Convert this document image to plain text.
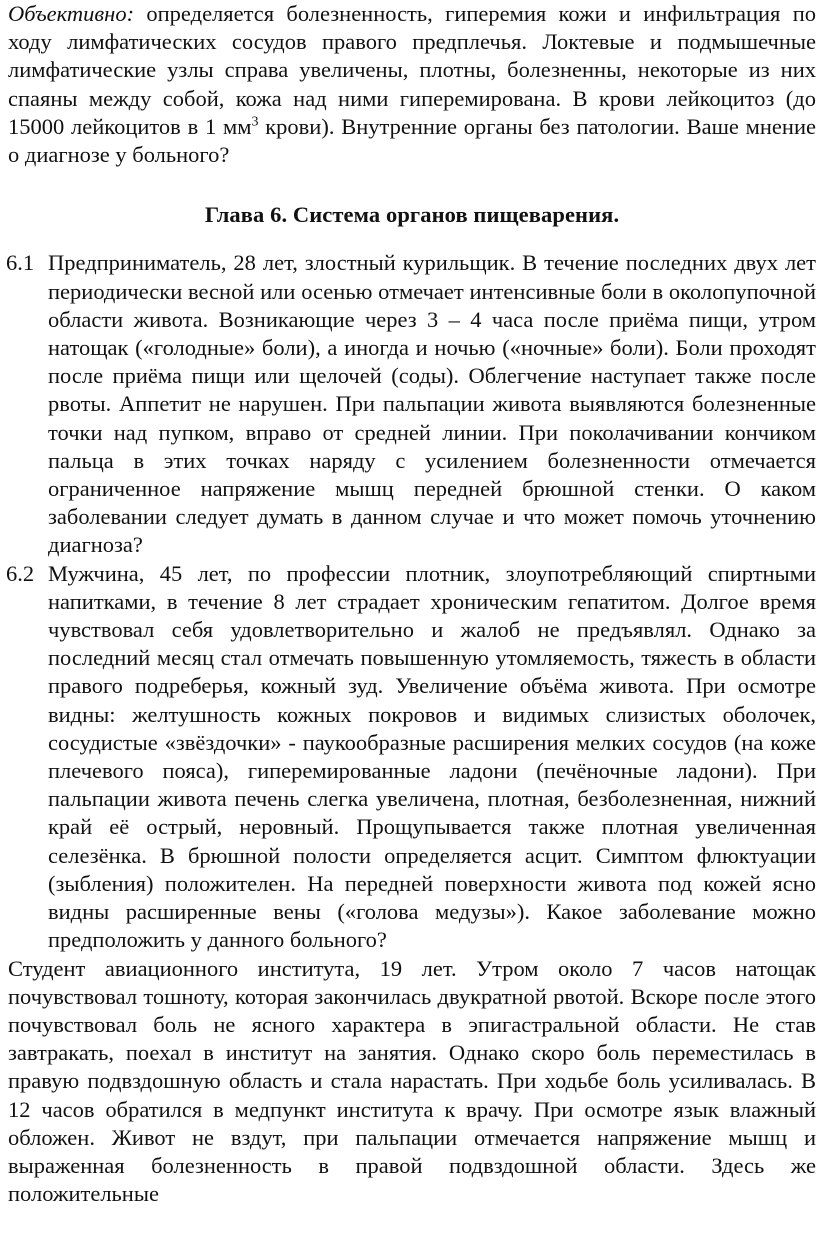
Объективно: определяется болезненность, гиперемия кожи и инфильтрация по ходу лимфатических сосудов правого предплечья. Локтевые и подмышечные лимфатические узлы справа увеличены, плотны, болезненны, некоторые из них спаяны между собой, кожа над ними гиперемирована. В крови лейкоцитоз (до 15000 лейкоцитов в 1 $мм^3$ крови). Внутренние органы без патологии. Ваше мнение о диагнозе у больного?

Глава 6. Система органов пищеварения.

6.1 Предприниматель, 28 лет, злостный курильщик. В течение последних двух лет периодически весной или осенью отмечает интенсивные боли в околопупочной области живота. Возникающие через 3 – 4 часа после приёма пищи, утром натощак («голодные» боли), а иногда и ночью («ночные» боли). Боли проходят после приёма пищи или щелочей (соды). Облегчение наступает также после рвоты. Аппетит не нарушен. При пальпации живота выявляются болезненные точки над пупком, вправо от средней линии. При поколачивании кончиком пальца в этих точках наряду с усилением болезненности отмечается ограниченное напряжение мышц передней брюшной стенки. О каком заболевании следует думать в данном случае и что может помочь уточнению диагноза?

6.2 Мужчина, 45 лет, по профессии плотник, злоупотребляющий спиртными напитками, в течение 8 лет страдает хроническим гепатитом. Долгое время чувствовал себя удовлетворительно и жалоб не предъявлял. Однако за последний месяц стал отмечать повышенную утомляемость, тяжесть в области правого подреберья, кожный зуд. Увеличение объёма живота. При осмотре видны: желтушность кожных покровов и видимых слизистых оболочек, сосудистые «звёздочки» - паукообразные расширения мелких сосудов (на коже плечевого пояса), гиперемированные ладони (печёночные ладони). При пальпации живота печень слегка увеличена, плотная, безболезненная, нижний край её острый, неровный. Прощупывается также плотная увеличенная селезёнка. В брюшной полости определяется асцит. Симптом флюктуации (зыбления) положителен. На передней поверхности живота под кожей ясно видны расширенные вены («голова медузы»). Какое заболевание можно предположить у данного больного?

Студент авиационного института, 19 лет. Утром около 7 часов натощак почувствовал тошноту, которая закончилась двукратной рвотой. Вскоре после этого почувствовал боль не ясного характера в эпигастральной области. Не став завтракать, поехал в институт на занятия. Однако скоро боль переместилась в правую подвздошную область и стала нарастать. При ходьбе боль усиливалась. В 12 часов обратился в медпункт института к врачу. При осмотре язык влажный обложен. Живот не вздут, при пальпации отмечается напряжение мышц и выраженная болезненность в правой подвздошной области. Здесь же положительные
